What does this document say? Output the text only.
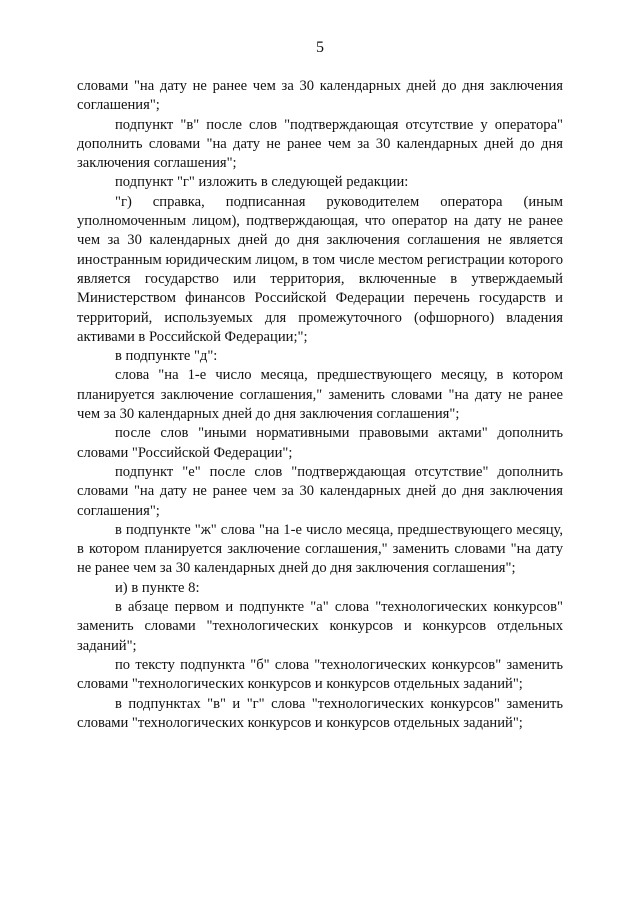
5

словами "на дату не ранее чем за 30 календарных дней до дня заключения соглашения";

подпункт "в" после слов "подтверждающая отсутствие у оператора" дополнить словами "на дату не ранее чем за 30 календарных дней до дня заключения соглашения";

подпункт "г" изложить в следующей редакции:

"г) справка, подписанная руководителем оператора (иным уполномоченным лицом), подтверждающая, что оператор на дату не ранее чем за 30 календарных дней до дня заключения соглашения не является иностранным юридическим лицом, в том числе местом регистрации которого является государство или территория, включенные в утверждаемый Министерством финансов Российской Федерации перечень государств и территорий, используемых для промежуточного (офшорного) владения активами в Российской Федерации;";

в подпункте "д":

слова "на 1-е число месяца, предшествующего месяцу, в котором планируется заключение соглашения," заменить словами "на дату не ранее чем за 30 календарных дней до дня заключения соглашения";

после слов "иными нормативными правовыми актами" дополнить словами "Российской Федерации";

подпункт "е" после слов "подтверждающая отсутствие" дополнить словами "на дату не ранее чем за 30 календарных дней до дня заключения соглашения";

в подпункте "ж" слова "на 1-е число месяца, предшествующего месяцу, в котором планируется заключение соглашения," заменить словами "на дату не ранее чем за 30 календарных дней до дня заключения соглашения";

и) в пункте 8:

в абзаце первом и подпункте "а" слова "технологических конкурсов" заменить словами "технологических конкурсов и конкурсов отдельных заданий";

по тексту подпункта "б" слова "технологических конкурсов" заменить словами "технологических конкурсов и конкурсов отдельных заданий";

в подпунктах "в" и "г" слова "технологических конкурсов" заменить словами "технологических конкурсов и конкурсов отдельных заданий";
